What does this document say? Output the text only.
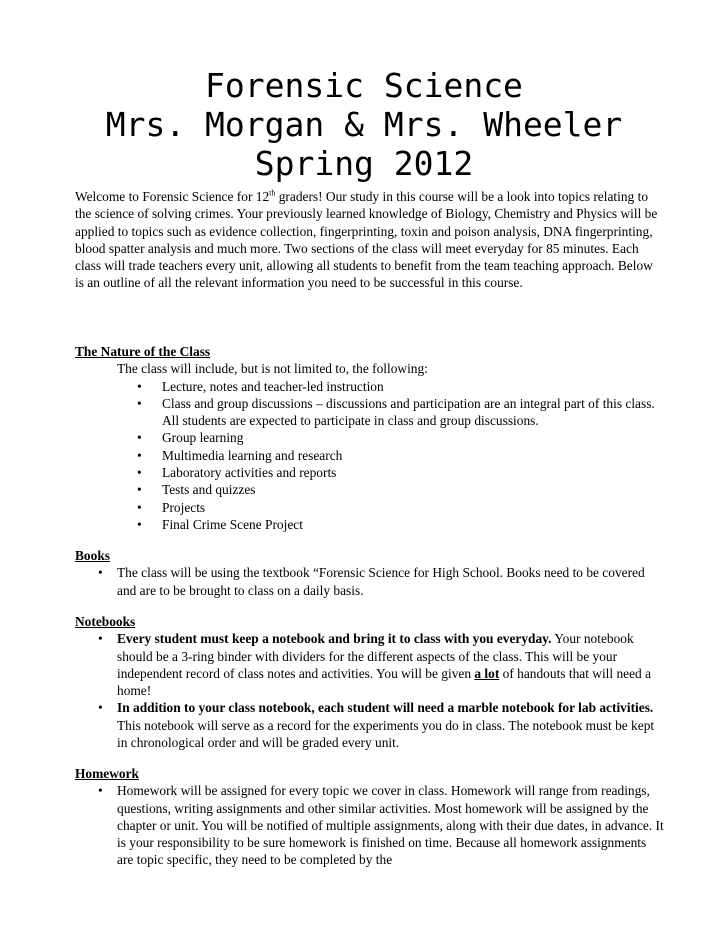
Forensic Science
Mrs. Morgan & Mrs. Wheeler
Spring 2012
Welcome to Forensic Science for 12th graders! Our study in this course will be a look into topics relating to the science of solving crimes. Your previously learned knowledge of Biology, Chemistry and Physics will be applied to topics such as evidence collection, fingerprinting, toxin and poison analysis, DNA fingerprinting, blood spatter analysis and much more. Two sections of the class will meet everyday for 85 minutes. Each class will trade teachers every unit, allowing all students to benefit from the team teaching approach. Below is an outline of all the relevant information you need to be successful in this course.
The Nature of the Class
The class will include, but is not limited to, the following:
• Lecture, notes and teacher-led instruction
• Class and group discussions – discussions and participation are an integral part of this class. All students are expected to participate in class and group discussions.
• Group learning
• Multimedia learning and research
• Laboratory activities and reports
• Tests and quizzes
• Projects
• Final Crime Scene Project
Books
• The class will be using the textbook “Forensic Science for High School. Books need to be covered and are to be brought to class on a daily basis.
Notebooks
• Every student must keep a notebook and bring it to class with you everyday. Your notebook should be a 3-ring binder with dividers for the different aspects of the class. This will be your independent record of class notes and activities. You will be given a lot of handouts that will need a home!
• In addition to your class notebook, each student will need a marble notebook for lab activities. This notebook will serve as a record for the experiments you do in class. The notebook must be kept in chronological order and will be graded every unit.
Homework
• Homework will be assigned for every topic we cover in class. Homework will range from readings, questions, writing assignments and other similar activities. Most homework will be assigned by the chapter or unit. You will be notified of multiple assignments, along with their due dates, in advance. It is your responsibility to be sure homework is finished on time. Because all homework assignments are topic specific, they need to be completed by the
